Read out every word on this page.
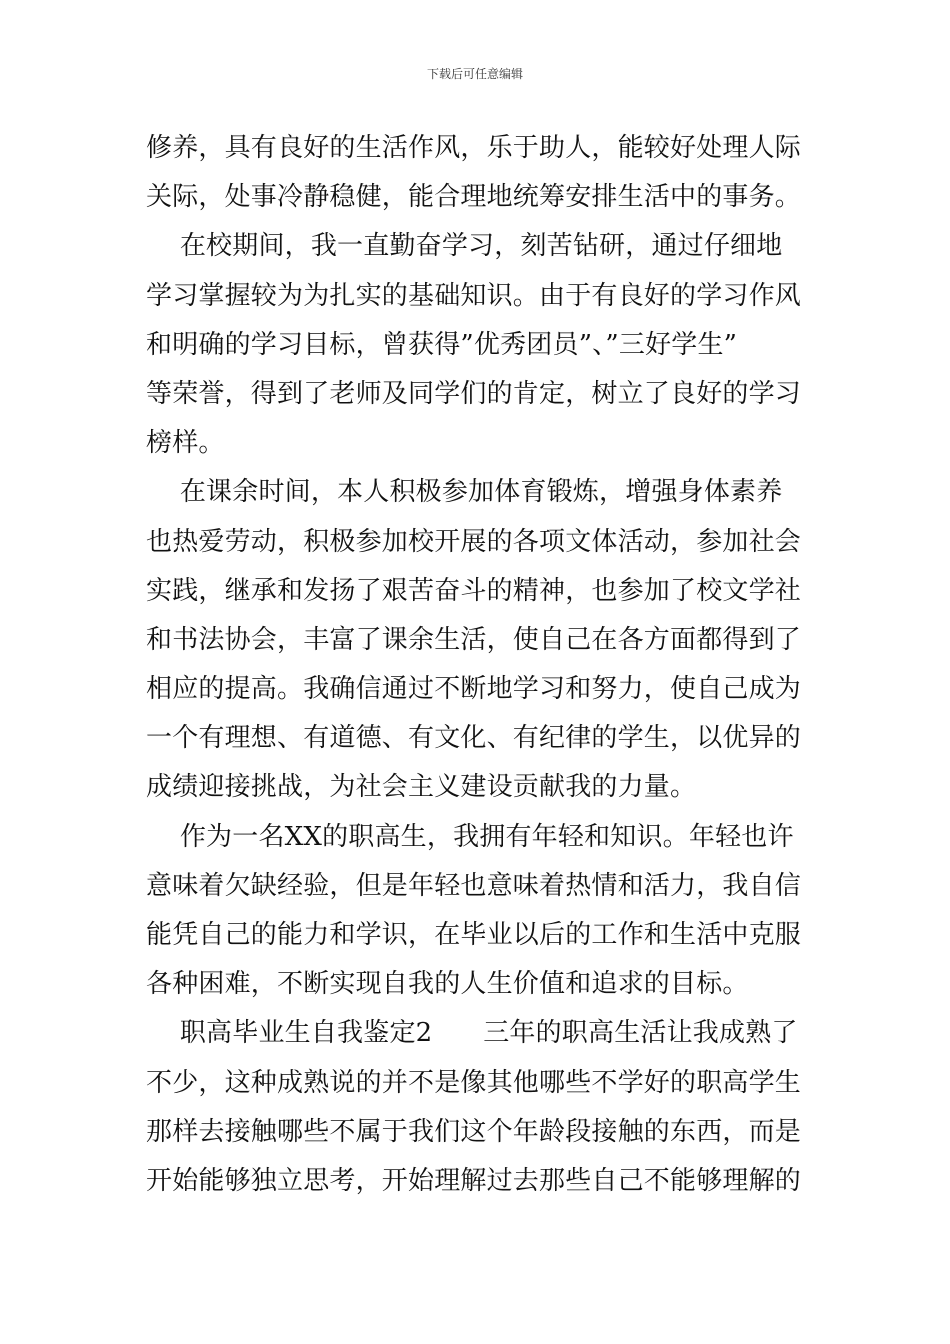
下载后可任意编辑
修养，具有良好的生活作风，乐于助人，能较好处理人际
关际，处事冷静稳健，能合理地统筹安排生活中的事务。
在校期间，我一直勤奋学习，刻苦钻研，通过仔细地
学习掌握较为为扎实的基础知识。由于有良好的学习作风
和明确的学习目标，曾获得”优秀团员”、”三好学生”
等荣誉，得到了老师及同学们的肯定，树立了良好的学习
榜样。
在课余时间，本人积极参加体育锻炼，增强身体素养
也热爱劳动，积极参加校开展的各项文体活动，参加社会
实践，继承和发扬了艰苦奋斗的精神，也参加了校文学社
和书法协会，丰富了课余生活，使自己在各方面都得到了
相应的提高。我确信通过不断地学习和努力，使自己成为
一个有理想、有道德、有文化、有纪律的学生，以优异的
成绩迎接挑战，为社会主义建设贡献我的力量。
作为一名XX的职高生，我拥有年轻和知识。年轻也许
意味着欠缺经验，但是年轻也意味着热情和活力，我自信
能凭自己的能力和学识，在毕业以后的工作和生活中克服
各种困难，不断实现自我的人生价值和追求的目标。
职高毕业生自我鉴定2      三年的职高生活让我成熟了
不少，这种成熟说的并不是像其他哪些不学好的职高学生
那样去接触哪些不属于我们这个年龄段接触的东西，而是
开始能够独立思考，开始理解过去那些自己不能够理解的
